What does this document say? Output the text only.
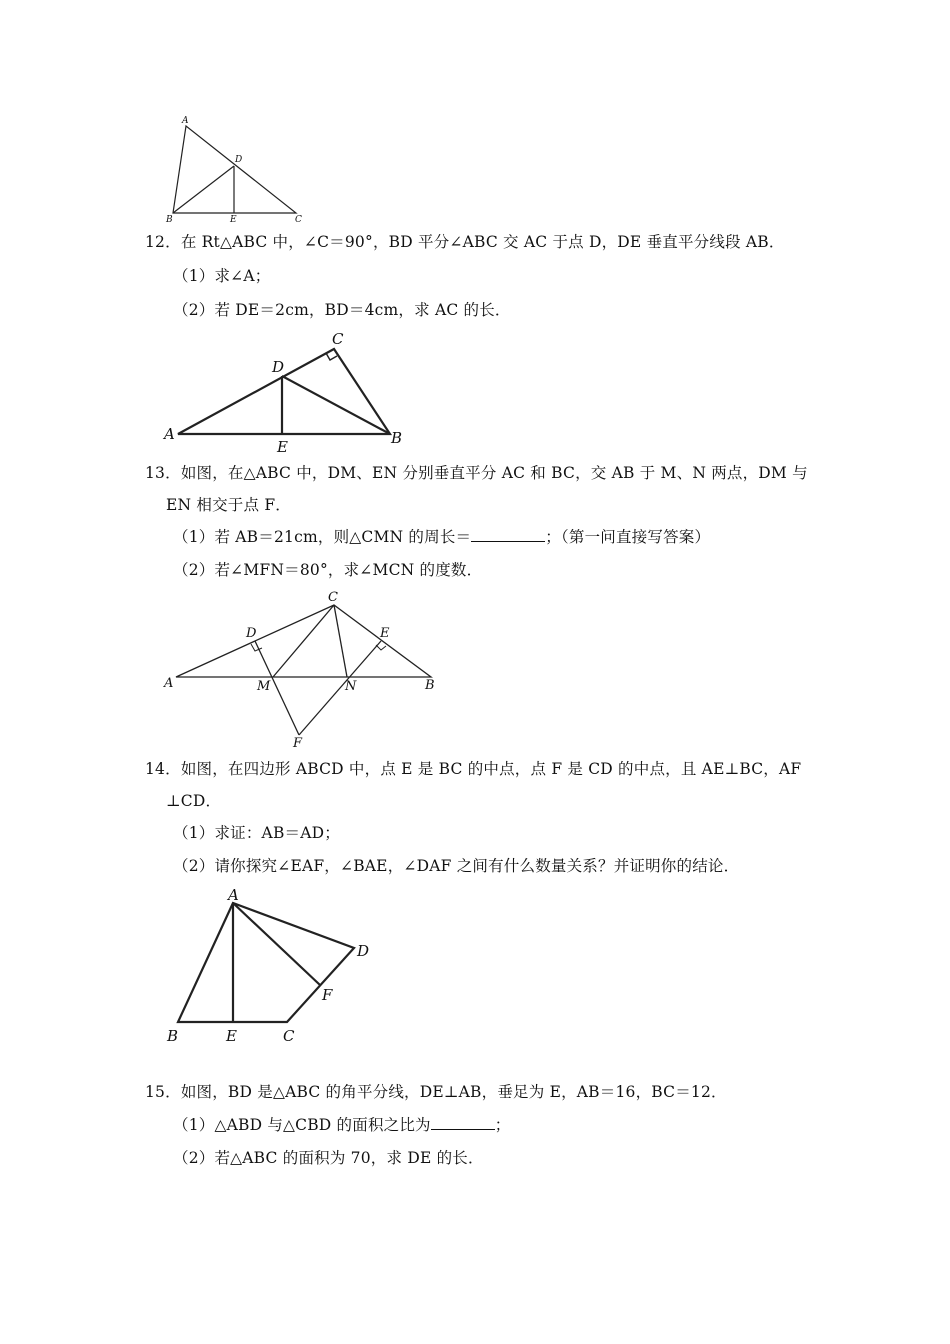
A
D
B	E	C
12．在 Rt△ABC 中，∠C＝90°，BD 平分∠ABC 交 AC 于点 D，DE 垂直平分线段 AB．
（1）求∠A；
（2）若 DE＝2cm，BD＝4cm，求 AC 的长．
C
D
A
E	B
13．如图，在△ABC 中，DM、EN 分别垂直平分 AC 和 BC，交 AB 于 M、N 两点，DM 与
EN 相交于点 F．
（1）若 AB＝21cm，则△CMN 的周长＝	；（第一问直接写答案）
（2）若∠MFN＝80°，求∠MCN 的度数．
C
D	E
A	M	N	B
F
14．如图，在四边形 ABCD 中，点 E 是 BC 的中点，点 F 是 CD 的中点，且 AE⊥BC，AF
⊥CD．
（1）求证：AB＝AD；
（2）请你探究∠EAF，∠BAE，∠DAF 之间有什么数量关系？并证明你的结论．
A
D
F
B	E	C
15．如图，BD 是△ABC 的角平分线，DE⊥AB，垂足为 E，AB＝16，BC＝12．
（1）△ABD 与△CBD 的面积之比为	；
（2）若△ABC 的面积为 70，求 DE 的长．
